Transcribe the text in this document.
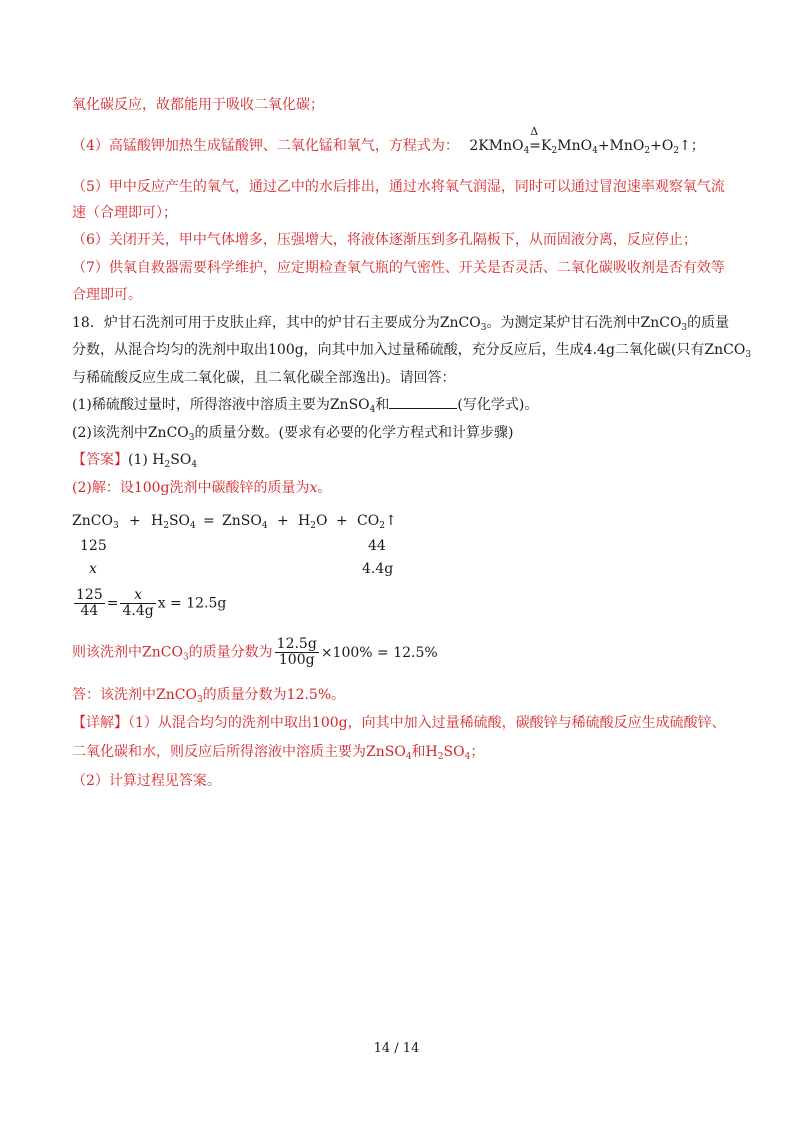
氧化碳反应，故都能用于吸收二氧化碳；
（4）高锰酸钾加热生成锰酸钾、二氧化锰和氧气，方程式为： 2KMnO$_4$
Δ
$=K_2MnO_4+MnO_2+O_2↑$；
（5）甲中反应产生的氧气，通过乙中的水后排出，通过水将氧气润湿，同时可以通过冒泡速率观察氧气流
速（合理即可）；
（6）关闭开关，甲中气体增多，压强增大，将液体逐渐压到多孔隔板下，从而固液分离，反应停止；
（7）供氧自救器需要科学维护，应定期检查氧气瓶的气密性、开关是否灵活、二氧化碳吸收剂是否有效等
合理即可。
18．炉甘石洗剂可用于皮肤止痒，其中的炉甘石主要成分为ZnCO$_3$。为测定某炉甘石洗剂中ZnCO$_3$的质量
分数，从混合均匀的洗剂中取出100g，向其中加入过量稀硫酸，充分反应后，生成4.4g二氧化碳(只有ZnCO$_3$
与稀硫酸反应生成二氧化碳，且二氧化碳全部逸出)。请回答：
(1)稀硫酸过量时，所得溶液中溶质主要为ZnSO$_4$和	(写化学式)。
(2)该洗剂中ZnCO$_3$的质量分数。(要求有必要的化学方程式和计算步骤)
【答案】(1) $H_2SO_4$
(2)解：设100g洗剂中碳酸锌的质量为x。
ZnCO$_3$ + $H_2SO_4$ = ZnSO$_4$ + $H_2O$ + $CO_2↑$
125	44
x	4.4g
$\frac{125}{44} = \frac{x}{4.4g}$ x = 12.5g
则该洗剂中ZnCO$_3$的质量分数为 $\frac{12.5g}{100g} \times 100\% = 12.5\%$
答：该洗剂中ZnCO$_3$的质量分数为12.5%。
【详解】（1）从混合均匀的洗剂中取出100g，向其中加入过量稀硫酸，碳酸锌与稀硫酸反应生成硫酸锌、
二氧化碳和水，则反应后所得溶液中溶质主要为ZnSO$_4$和$H_2SO_4$；
（2）计算过程见答案。
14 / 14
